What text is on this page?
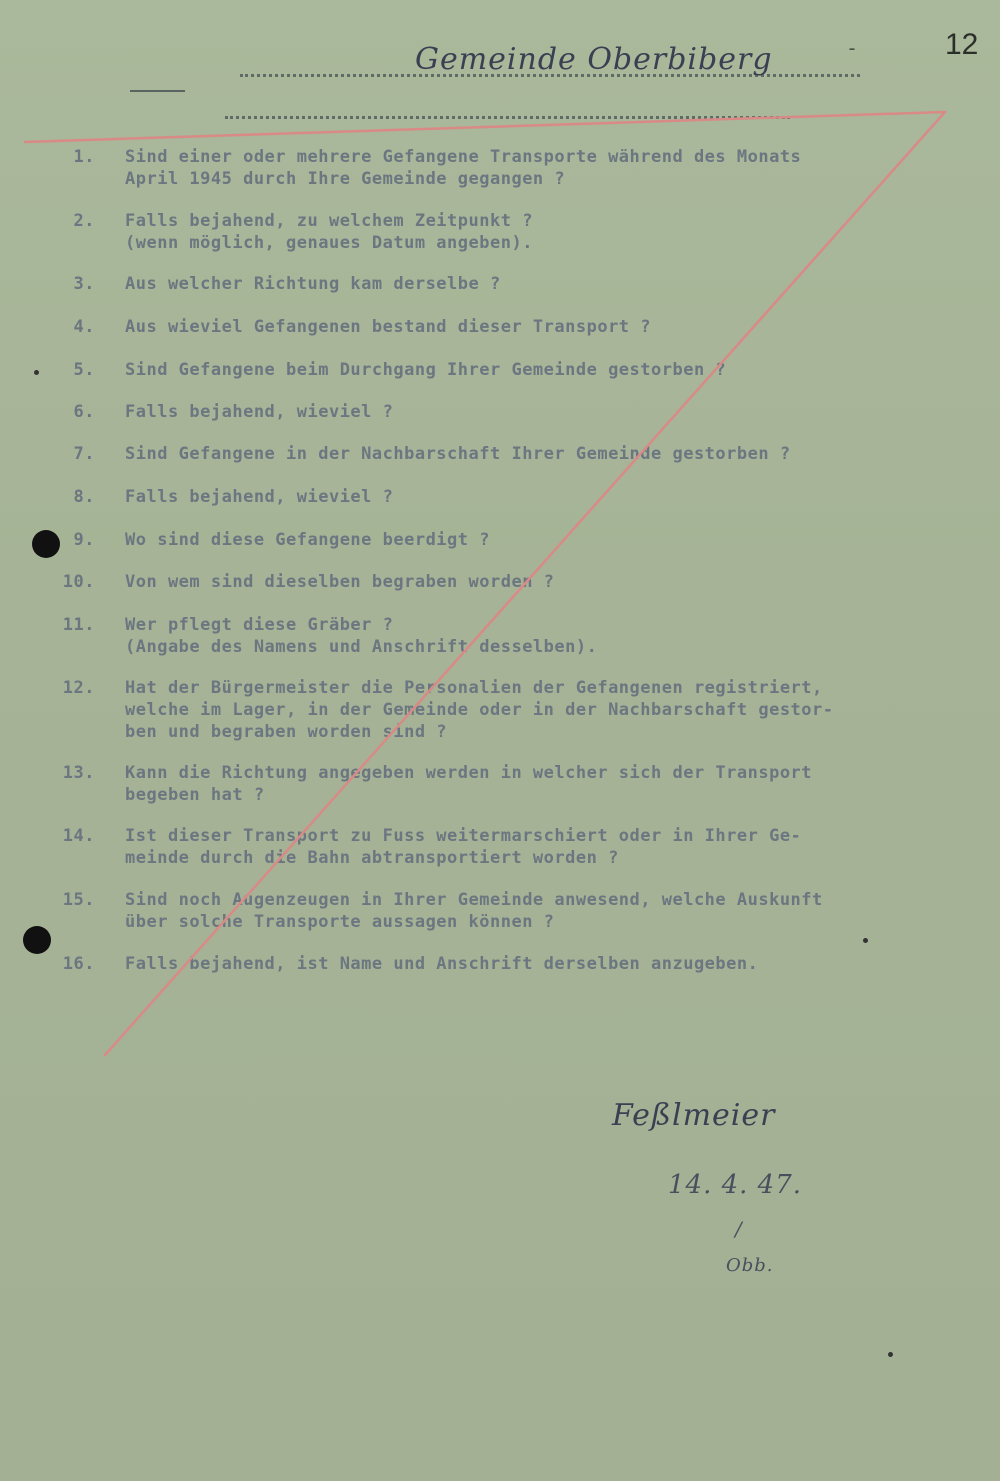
12
-
Gemeinde Oberbiberg
1. Sind einer oder mehrere Gefangene Transporte während des Monats
April 1945 durch Ihre Gemeinde gegangen ?
2. Falls bejahend, zu welchem Zeitpunkt ?
(wenn möglich, genaues Datum angeben).
3. Aus welcher Richtung kam derselbe ?
4. Aus wieviel Gefangenen bestand dieser Transport ?
5. Sind Gefangene beim Durchgang Ihrer Gemeinde gestorben ?
6. Falls bejahend, wieviel ?
7. Sind Gefangene in der Nachbarschaft Ihrer Gemeinde gestorben ?
8. Falls bejahend, wieviel ?
9. Wo sind diese Gefangene beerdigt ?
10. Von wem sind dieselben begraben worden ?
11. Wer pflegt diese Gräber ?
(Angabe des Namens und Anschrift desselben).
12. Hat der Bürgermeister die Personalien der Gefangenen registriert,
welche im Lager, in der Gemeinde oder in der Nachbarschaft gestor-
ben und begraben worden sind ?
13. Kann die Richtung angegeben werden in welcher sich der Transport
begeben hat ?
14. Ist dieser Transport zu Fuss weitermarschiert oder in Ihrer Ge-
meinde durch Bahn abtransportiert worden ?
15. Sind noch Augenzeugen in Ihrer Gemeinde anwesend, welche Auskunft
über solche Transporte aussagen können ?
16. Falls bejahend, ist Name und Anschrift derselben anzugeben.
Feßlmeier
14. 4. 47.
/
Obb.
